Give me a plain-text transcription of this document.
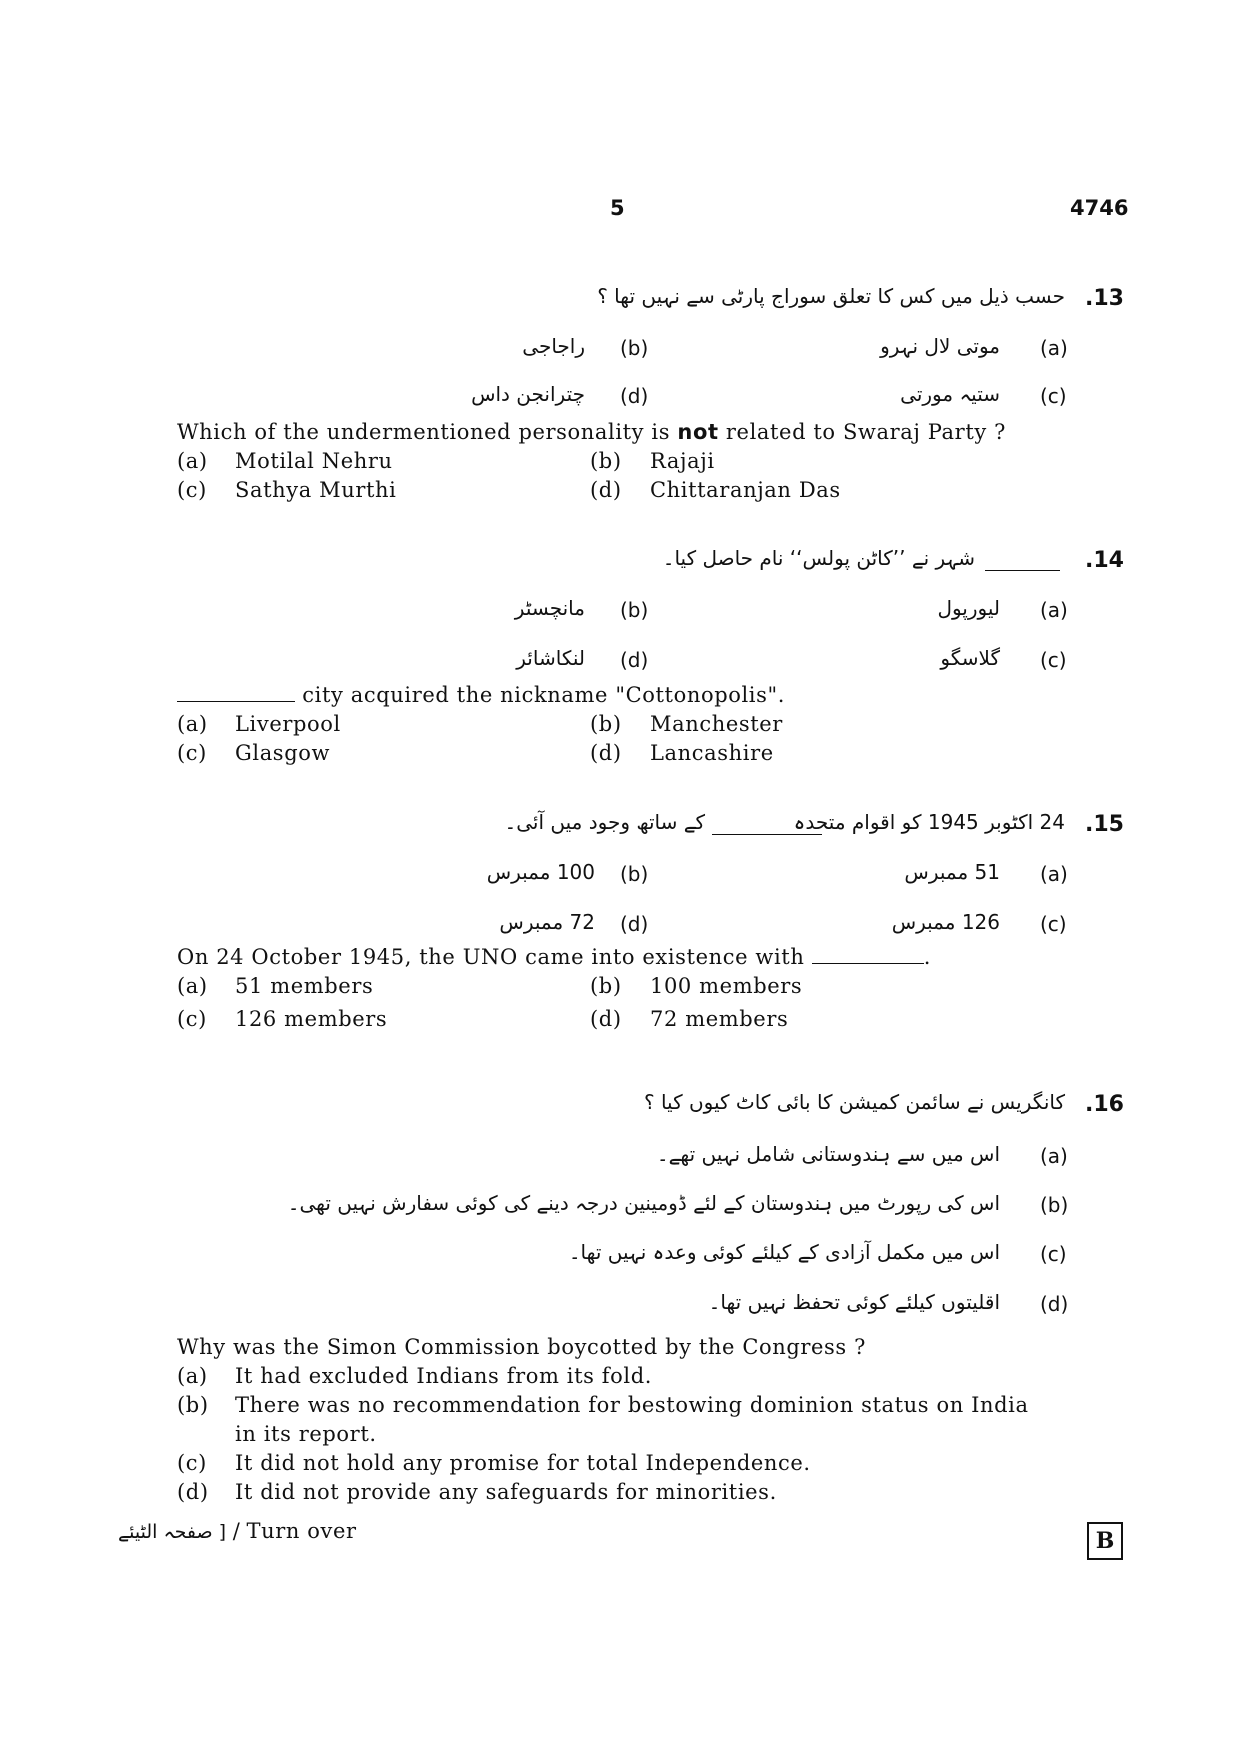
5	4746
.13
حسب ذیل میں کس کا تعلق سوراج پارٹی سے نہیں تھا ؟
(a)
موتی لال نہرو
(b)
راجاجی
(c)
ستیہ مورتی
(d)
چترانجن داس
Which of the undermentioned personality is not related to Swaraj Party ?
(a) Motilal Nehru	(b) Rajaji
(c) Sathya Murthi	(d) Chittaranjan Das
.14
شہر نے ’’کاٹن پولس‘‘ نام حاصل کیا۔
(a)
لیورپول
(b)
مانچسٹر
(c)
گلاسگو
(d)
لنکاشائر
city acquired the nickname "Cottonopolis".
(a) Liverpool	(b) Manchester
(c) Glasgow	(d) Lancashire
.15
24 اکٹوبر 1945 کو اقوام متحدہ
کے ساتھ وجود میں آئی۔
(a)
51 ممبرس
(b)
100 ممبرس
(c)
126 ممبرس
(d)
72 ممبرس
On 24 October 1945, the UNO came into existence with	.
(a) 51 members	(b) 100 members
(c) 126 members	(d) 72 members
.16
کانگریس نے سائمن کمیشن کا بائی کاٹ کیوں کیا ؟
(a)
اس میں سے ہندوستانی شامل نہیں تھے۔
(b)
اس کی رپورٹ میں ہندوستان کے لئے ڈومینین درجہ دینے کی کوئی سفارش نہیں تھی۔
(c)
اس میں مکمل آزادی کے کیلئے کوئی وعدہ نہیں تھا۔
(d)
اقلیتوں کیلئے کوئی تحفظ نہیں تھا۔
Why was the Simon Commission boycotted by the Congress ?
(a) It had excluded Indians from its fold.
(b) There was no recommendation for bestowing dominion status on India
in its report.
(c) It did not hold any promise for total Independence.
(d) It did not provide any safeguards for minorities.
[ صفحہ الٹیئے / Turn over	B
